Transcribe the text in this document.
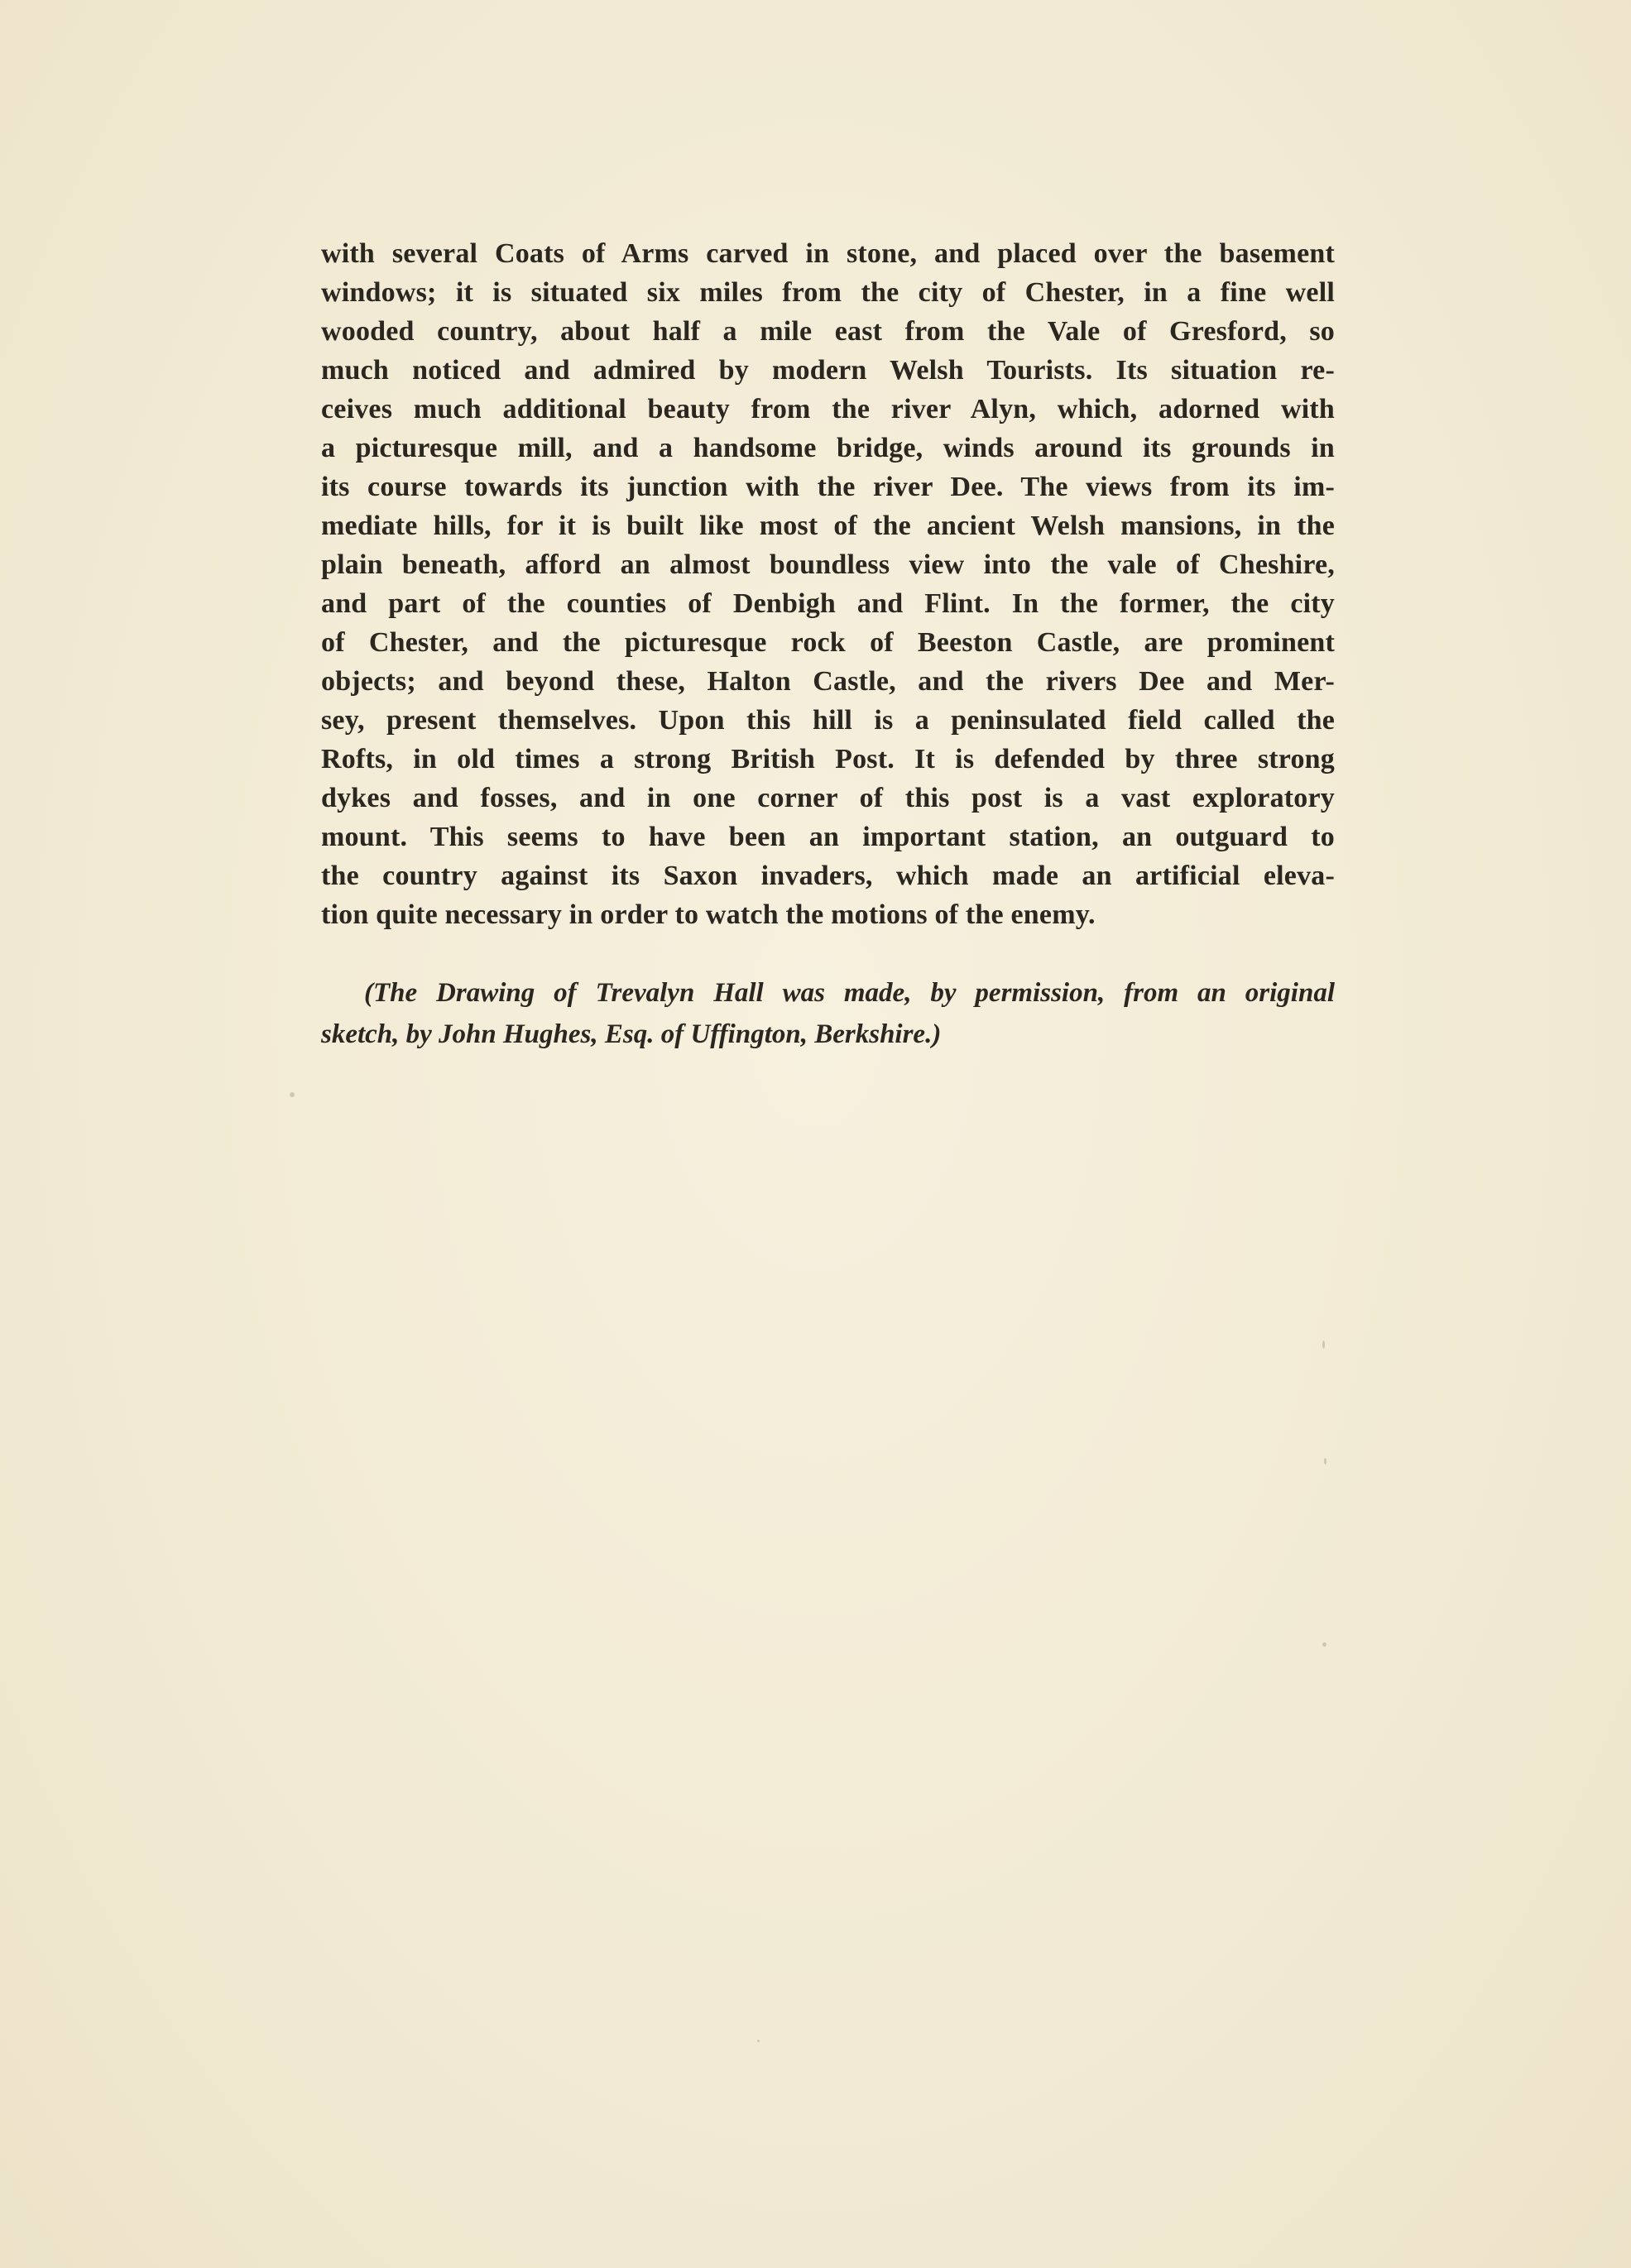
with several Coats of Arms carved in stone, and placed over the basement
windows; it is situated six miles from the city of Chester, in a fine well
wooded country, about half a mile east from the Vale of Gresford, so
much noticed and admired by modern Welsh Tourists. Its situation re-
ceives much additional beauty from the river Alyn, which, adorned with
a picturesque mill, and a handsome bridge, winds around its grounds in
its course towards its junction with the river Dee. The views from its im-
mediate hills, for it is built like most of the ancient Welsh mansions, in the
plain beneath, afford an almost boundless view into the vale of Cheshire,
and part of the counties of Denbigh and Flint. In the former, the city
of Chester, and the picturesque rock of Beeston Castle, are prominent
objects; and beyond these, Halton Castle, and the rivers Dee and Mer-
sey, present themselves. Upon this hill is a peninsulated field called the
Rofts, in old times a strong British Post. It is defended by three strong
dykes and fosses, and in one corner of this post is a vast exploratory
mount. This seems to have been an important station, an outguard to
the country against its Saxon invaders, which made an artificial eleva-
tion quite necessary in order to watch the motions of the enemy.
(The Drawing of Trevalyn Hall was made, by permission, from an original
sketch, by John Hughes, Esq. of Uffington, Berkshire.)
